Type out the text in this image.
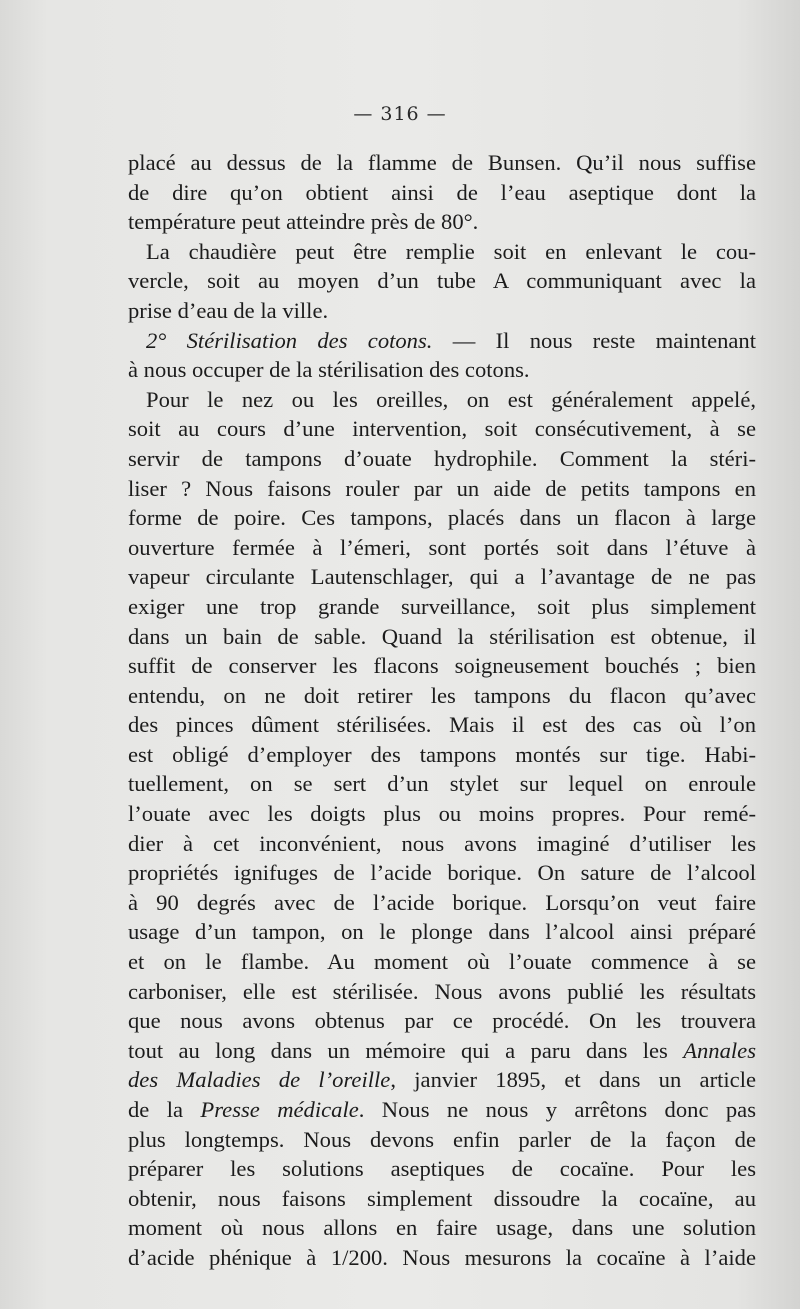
— 316 —
placé au dessus de la flamme de Bunsen. Qu’il nous suffise
de dire qu’on obtient ainsi de l’eau aseptique dont la
température peut atteindre près de 80°.
La chaudière peut être remplie soit en enlevant le cou-
vercle, soit au moyen d’un tube A communiquant avec la
prise d’eau de la ville.
2° Stérilisation des cotons. — Il nous reste maintenant
à nous occuper de la stérilisation des cotons.
Pour le nez ou les oreilles, on est généralement appelé,
soit au cours d’une intervention, soit consécutivement, à se
servir de tampons d’ouate hydrophile. Comment la stéri-
liser ? Nous faisons rouler par un aide de petits tampons en
forme de poire. Ces tampons, placés dans un flacon à large
ouverture fermée à l’émeri, sont portés soit dans l’étuve à
vapeur circulante Lautenschlager, qui a l’avantage de ne pas
exiger une trop grande surveillance, soit plus simplement
dans un bain de sable. Quand la stérilisation est obtenue, il
suffit de conserver les flacons soigneusement bouchés ; bien
entendu, on ne doit retirer les tampons du flacon qu’avec
des pinces dûment stérilisées. Mais il est des cas où l’on
est obligé d’employer des tampons montés sur tige. Habi-
tuellement, on se sert d’un stylet sur lequel on enroule
l’ouate avec les doigts plus ou moins propres. Pour remé-
dier à cet inconvénient, nous avons imaginé d’utiliser les
propriétés ignifuges de l’acide borique. On sature de l’alcool
à 90 degrés avec de l’acide borique. Lorsqu’on veut faire
usage d’un tampon, on le plonge dans l’alcool ainsi préparé
et on le flambe. Au moment où l’ouate commence à se
carboniser, elle est stérilisée. Nous avons publié les résultats
que nous avons obtenus par ce procédé. On les trouvera
tout au long dans un mémoire qui a paru dans les Annales
des Maladies de l’oreille, janvier 1895, et dans un article
de la Presse médicale. Nous ne nous y arrêtons donc pas
plus longtemps. Nous devons enfin parler de la façon de
préparer les solutions aseptiques de cocaïne. Pour les
obtenir, nous faisons simplement dissoudre la cocaïne, au
moment où nous allons en faire usage, dans une solution
d’acide phénique à 1/200. Nous mesurons la cocaïne à l’aide
